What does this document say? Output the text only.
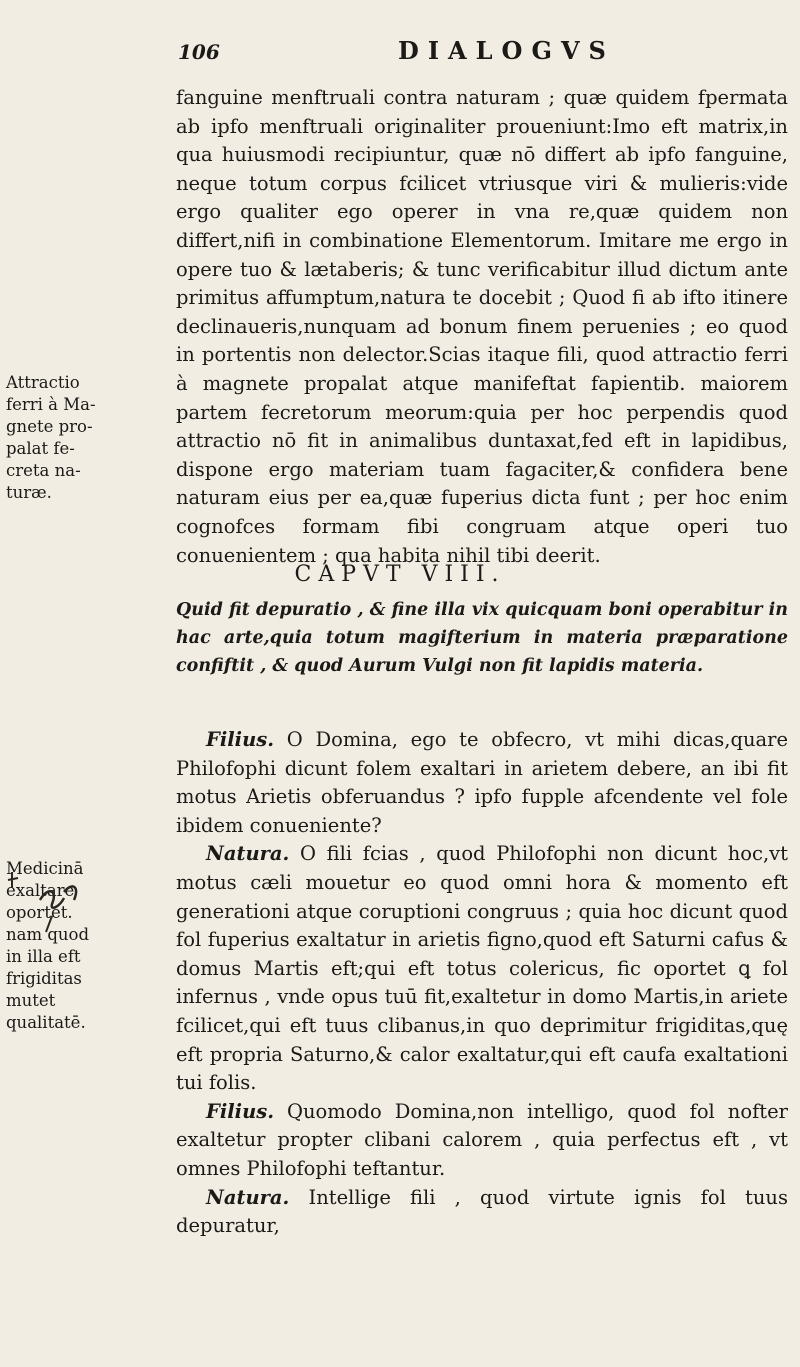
106	DIALOGVS

fanguine menftruali contra naturam ; quæ quidem fpermata ab ipfo menftruali originaliter proueniunt:Imo eft matrix,in qua huiusmodi recipiuntur, quæ nō differt ab ipfo fanguine, neque totum corpus fcilicet vtriusque viri & mulieris:vide ergo qualiter ego operer in vna re,quæ quidem non differt,nifi in combinatione Elementorum. Imitare me ergo in opere tuo & lætaberis; & tunc verificabitur illud dictum ante primitus affumptum,natura te docebit ; Quod fi ab ifto itinere declinaueris,nunquam ad bonum finem peruenies ; eo quod in portentis non delector.Scias itaque fili, quod attractio ferri à magnete propalat atque manifeftat fapientib. maiorem partem fecretorum meorum:quia per hoc perpendis quod attractio nō fit in animalibus duntaxat,fed eft in lapidibus, dispone ergo materiam tuam fagaciter,& confidera bene naturam eius per ea,quæ fuperius dicta funt ; per hoc enim cognofces formam fibi congruam atque operi tuo conuenientem ; qua habita nihil tibi deerit.

Attractio
ferri à Ma-
gnete pro-
palat fe-
creta na-
turæ.
CAPVT VIII.

Quid fit depuratio , & fine illa vix quicquam boni operabitur in hac arte,quia totum magifterium in materia præparatione confiftit , & quod Aurum Vulgi non fit lapidis materia.

Filius. O Domina, ego te obfecro, vt mihi dicas,quare Philofophi dicunt folem exaltari in arietem debere, an ibi fit motus Arietis obferuandus ? ipfo fupple afcendente vel fole ibidem conueniente?

Natura. O fili fcias , quod Philofophi non dicunt hoc,vt motus cæli mouetur eo quod omni hora & momento eft generationi atque coruptioni congruus ; quia hoc dicunt quod fol fuperius exaltatur in arietis figno,quod eft Saturni cafus & domus Martis eft;qui eft totus colericus, fic oportet ꝗ fol infernus , vnde opus tuū fit,exaltetur in domo Martis,in ariete fcilicet,qui eft tuus clibanus,in quo deprimitur frigiditas,quę eft propria Saturno,& calor exaltatur,qui eft caufa exaltationi tui folis.

Filius. Quomodo Domina,non intelligo, quod fol nofter exaltetur propter clibani calorem , quia perfectus eft , vt omnes Philofophi teftantur.

Natura. Intellige fili , quod virtute ignis fol tuus depuratur,

Medicinā
exaltare
oportet.
nam quod
in illa eft
frigiditas
mutet
qualitatē.
